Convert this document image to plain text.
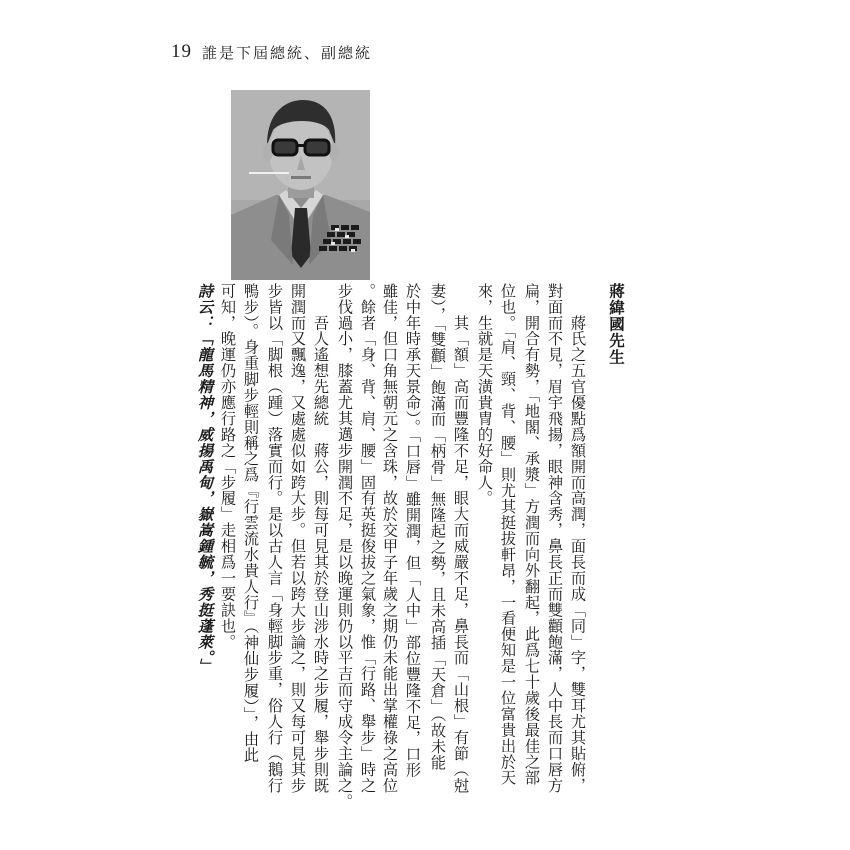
19 誰是下屆總統、副總統
蔣緯國先生
　　蔣氏之五官優點爲額開而高潤，面長而成「同」字，雙耳尤其貼俯，
對面而不見，眉宇飛揚，眼神含秀，鼻長正而雙顴飽滿，人中長而口唇方
扁，開合有勢，「地閣、承漿」方潤而向外翻起，此爲七十歲後最佳之部
位也。「肩、頸、背、腰」則尤其挺拔軒昂，一看便知是一位富貴出於天
來，生就是天潢貴冑的好命人。
　　其「額」高而豐隆不足，眼大而威嚴不足，鼻長而「山根」有節（尅
妻），「雙顴」飽滿而「柄骨」無隆起之勢，且未高插「天倉」（故未能
於中年時承天景命）。「口唇」雖開潤，但「人中」部位豐隆不足，口形
雖佳，但口角無朝元之含珠，故於交甲子年歲之期仍未能出掌權祿之高位
。餘者「身、背、肩、腰」固有英挺俊拔之氣象，惟「行路、舉步」時之
步伐過小，膝蓋尤其邁步開潤不足，是以晚運則仍以平吉而守成令主論之。
　　吾人遙想先總統　蔣公，則每可見其於登山涉水時之步履，舉步則既
開潤而又飄逸，又處處似如跨大步。但若以跨大步論之，則又每可見其步
步皆以「脚根（踵）落實而行。是以古人言「身輕脚步重，俗人行（鵝行
鴨步）。身重脚步輕則稱之爲『行雲流水貴人行』（神仙步履）」，由此
可知，晚運仍亦應行路之「步履」走相爲一要訣也。
詩云：「龍馬精神，威揚禹甸，嶽嵩鍾毓，秀挺蓬萊。」
